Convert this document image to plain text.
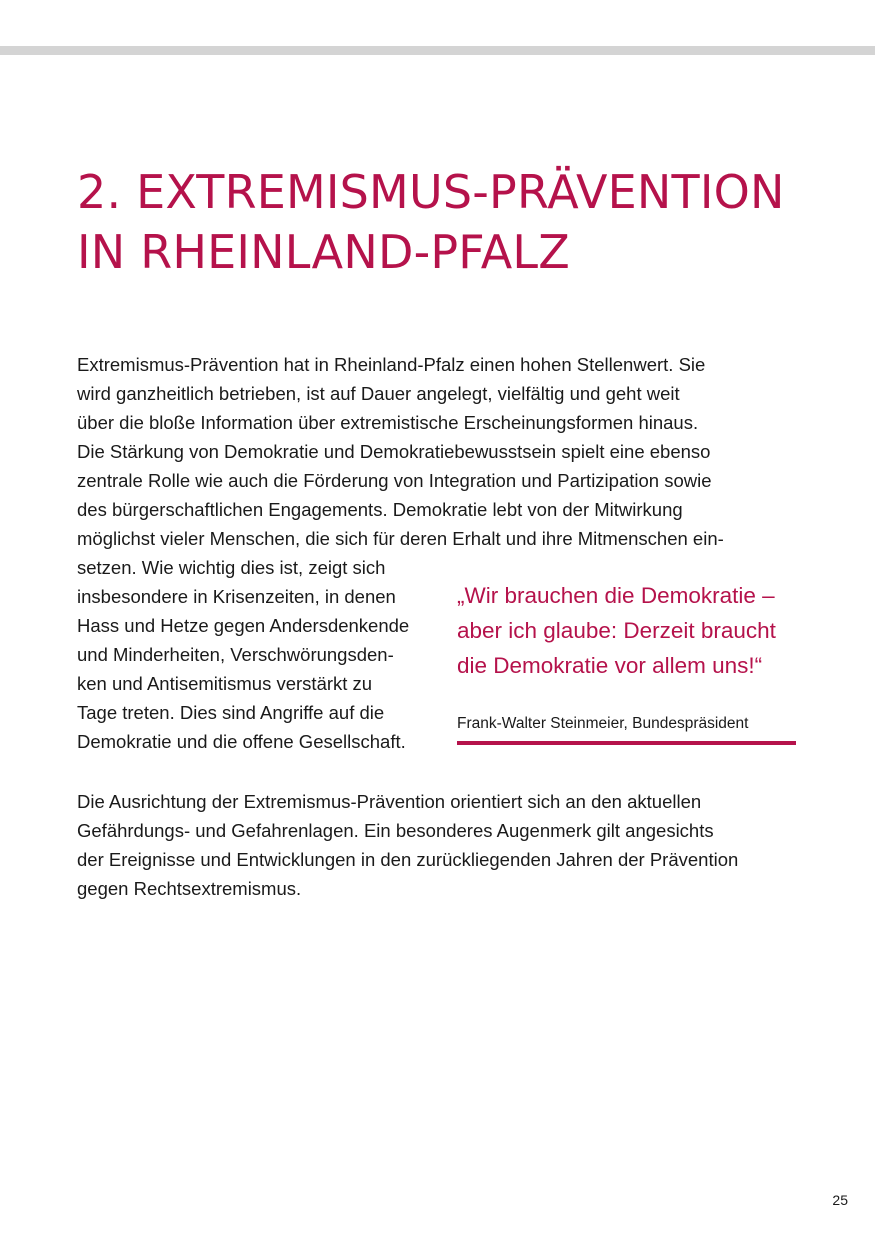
2. EXTREMISMUS-PRÄVENTION
IN RHEINLAND-PFALZ

Extremismus-Prävention hat in Rheinland-Pfalz einen hohen Stellenwert. Sie
wird ganzheitlich betrieben, ist auf Dauer angelegt, vielfältig und geht weit
über die bloße Information über extremistische Erscheinungsformen hinaus.
Die Stärkung von Demokratie und Demokratiebewusstsein spielt eine ebenso
zentrale Rolle wie auch die Förderung von Integration und Partizipation sowie
des bürgerschaftlichen Engagements. Demokratie lebt von der Mitwirkung
möglichst vieler Menschen, die sich für deren Erhalt und ihre Mitmenschen ein-

setzen. Wie wichtig dies ist, zeigt sich
insbesondere in Krisenzeiten, in denen
Hass und Hetze gegen Andersdenkende
und Minderheiten, Verschwörungsden-
ken und Antisemitismus verstärkt zu
Tage treten. Dies sind Angriffe auf die
Demokratie und die offene Gesellschaft.

„Wir brauchen die Demokratie –
aber ich glaube: Derzeit braucht
die Demokratie vor allem uns!“

Frank-Walter Steinmeier, Bundespräsident

Die Ausrichtung der Extremismus-Prävention orientiert sich an den aktuellen
Gefährdungs- und Gefahrenlagen. Ein besonderes Augenmerk gilt angesichts
der Ereignisse und Entwicklungen in den zurückliegenden Jahren der Prävention
gegen Rechtsextremismus.

25
